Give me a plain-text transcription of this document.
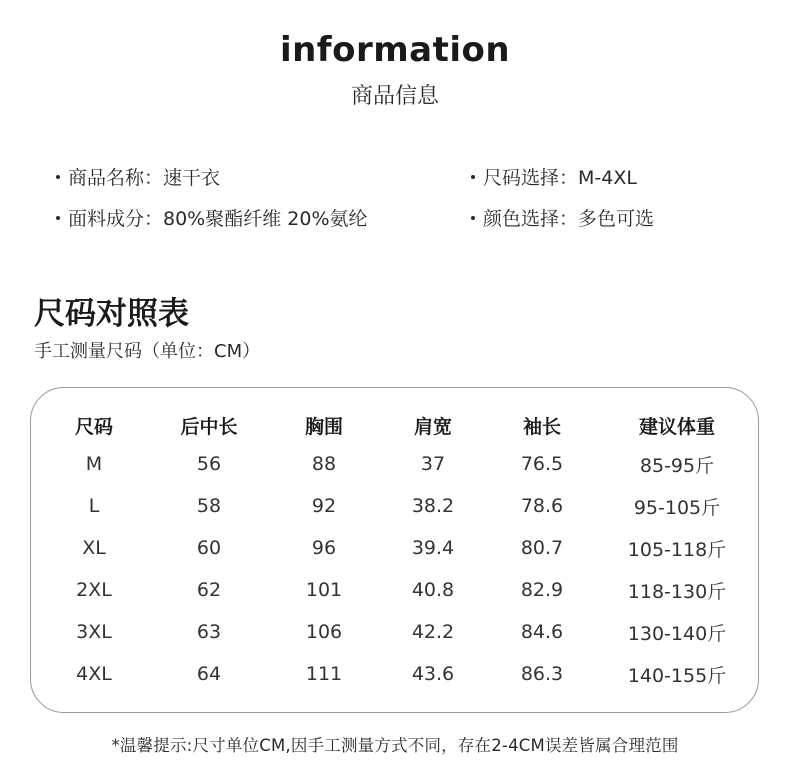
information
商品信息
商品名称：速干衣
面料成分：80%聚酯纤维 20%氨纶
尺码选择：M-4XL
颜色选择：多色可选
尺码对照表
手工测量尺码（单位：CM）
尺码	后中长	胸围	肩宽	袖长	建议体重
M	56	88	37	76.5	85-95斤
L	58	92	38.2	78.6	95-105斤
XL	60	96	39.4	80.7	105-118斤
2XL	62	101	40.8	82.9	118-130斤
3XL	63	106	42.2	84.6	130-140斤
4XL	64	111	43.6	86.3	140-155斤
*温馨提示:尺寸单位CM,因手工测量方式不同，存在2-4CM误差皆属合理范围
